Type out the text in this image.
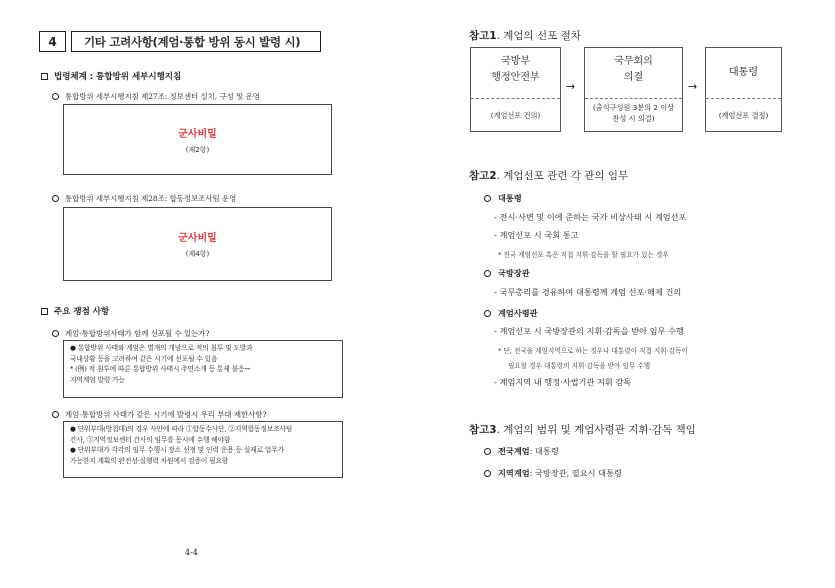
4	기타 고려사항(계엄·통합 방위 동시 발령 시)
법령체계 : 통합방위 세부시행지침
통합방위 세부시행지침 제27조: 정보센터 설치, 구성 및 운영
군사비밀
(제2항)
통합방위 세부시행지침 제28조: 합동정보조사팀 운영
군사비밀
(제4항)
주요 쟁점 사항
계엄-통합방위사태가 함께 선포될 수 있는가?
● 통합방위 사태와 계엄은 별개의 개념으로 적의 침투 및 도발과
국내상황 등을 고려하여 같은 시기에 선포될 수 있음
* (例) 적 침투에 따른 통합방위 사태시 주민소개 등 통제 불응→
지역계엄 발령 가능
계엄-통합방위 사태가 같은 시기에 발령시 우리 부대 제한사항?
● 단위부대(방첩대)의 경우 사안에 따라 ①합동수사단, ②지역합동정보조사팀
간사, ③지역정보센터 간사의 임무를 동시에 수행 해야함
● 단위부대가 각각의 임무 수행시 장소 선정 및 인력 운용 등 실제로 업무가
가능한지 계획의 완전성·실행력 차원에서 검증이 필요함
4-4
참고1. 계엄의 선포 절차
국방부
행정안전부
(계엄선포 건의)
→
국무회의
의결
(출석구성원 3분의 2 이상
찬성 시 의결)
→
대통령
(계엄선포 결정)
참고2. 계엄선포 관련 각 관의 임무
대통령
- 전시·사변 및 이에 준하는 국가 비상사태 시 계엄선포
- 계엄선포 시 국회 통고
* 전국 계엄선포 혹은 직접 지휘·감독을 할 필요가 있는 경우
국방장관
- 국무총리를 경유하여 대통령께 계엄 선포·해제 건의
계엄사령관
- 계엄선포 시 국방장관의 지휘·감독을 받아 임무 수행
* 단, 전국을 계엄지역으로 하는 경우나 대통령이 직접 지휘·감독이
필요할 경우 대통령의 지휘·감독을 받아 임무 수행
- 계엄지역 내 행정·사법기관 지휘 감독
참고3. 계엄의 범위 및 계엄사령관 지휘·감독 책임
전국계엄 : 대통령
지역계엄 : 국방장관, 필요시 대통령
